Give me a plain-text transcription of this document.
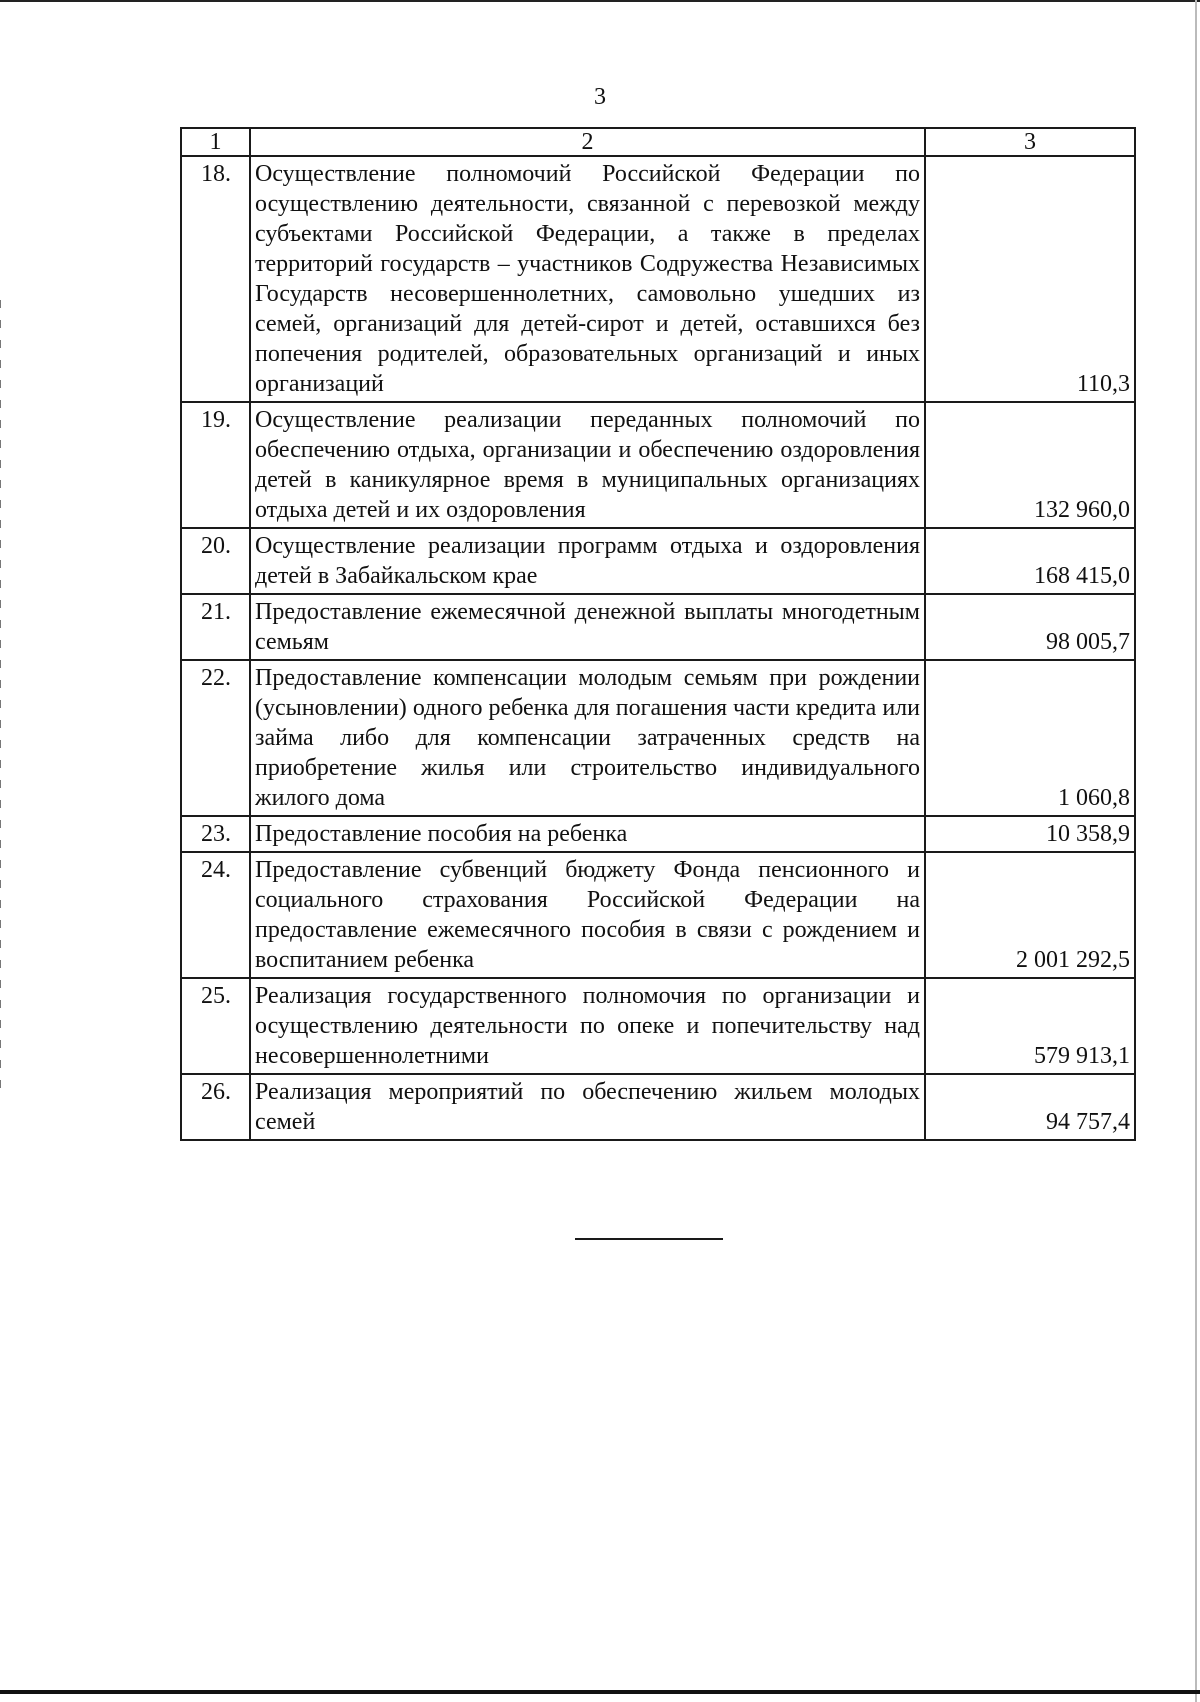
3
1	2	3
18.	Осуществление полномочий Российской Федерации по осуществлению деятельности, связанной с перевозкой между субъектами Российской Федерации, а также в пределах территорий государств – участников Содружества Независимых Государств несовершеннолетних, самовольно ушедших из семей, организаций для детей-сирот и детей, оставшихся без попечения родителей, образовательных организаций и иных организаций	110,3
19.	Осуществление реализации переданных полномочий по обеспечению отдыха, организации и обеспечению оздоровления детей в каникулярное время в муниципальных организациях отдыха детей и их оздоровления	132 960,0
20.	Осуществление реализации программ отдыха и оздоровления детей в Забайкальском крае	168 415,0
21.	Предоставление ежемесячной денежной выплаты многодетным семьям	98 005,7
22.	Предоставление компенсации молодым семьям при рождении (усыновлении) одного ребенка для погашения части кредита или займа либо для компенсации затраченных средств на приобретение жилья или строительство индивидуального жилого дома	1 060,8
23.	Предоставление пособия на ребенка	10 358,9
24.	Предоставление субвенций бюджету Фонда пенсионного и социального страхования Российской Федерации на предоставление ежемесячного пособия в связи с рождением и воспитанием ребенка	2 001 292,5
25.	Реализация государственного полномочия по организации и осуществлению деятельности по опеке и попечительству над несовершеннолетними	579 913,1
26.	Реализация мероприятий по обеспечению жильем молодых семей	94 757,4
